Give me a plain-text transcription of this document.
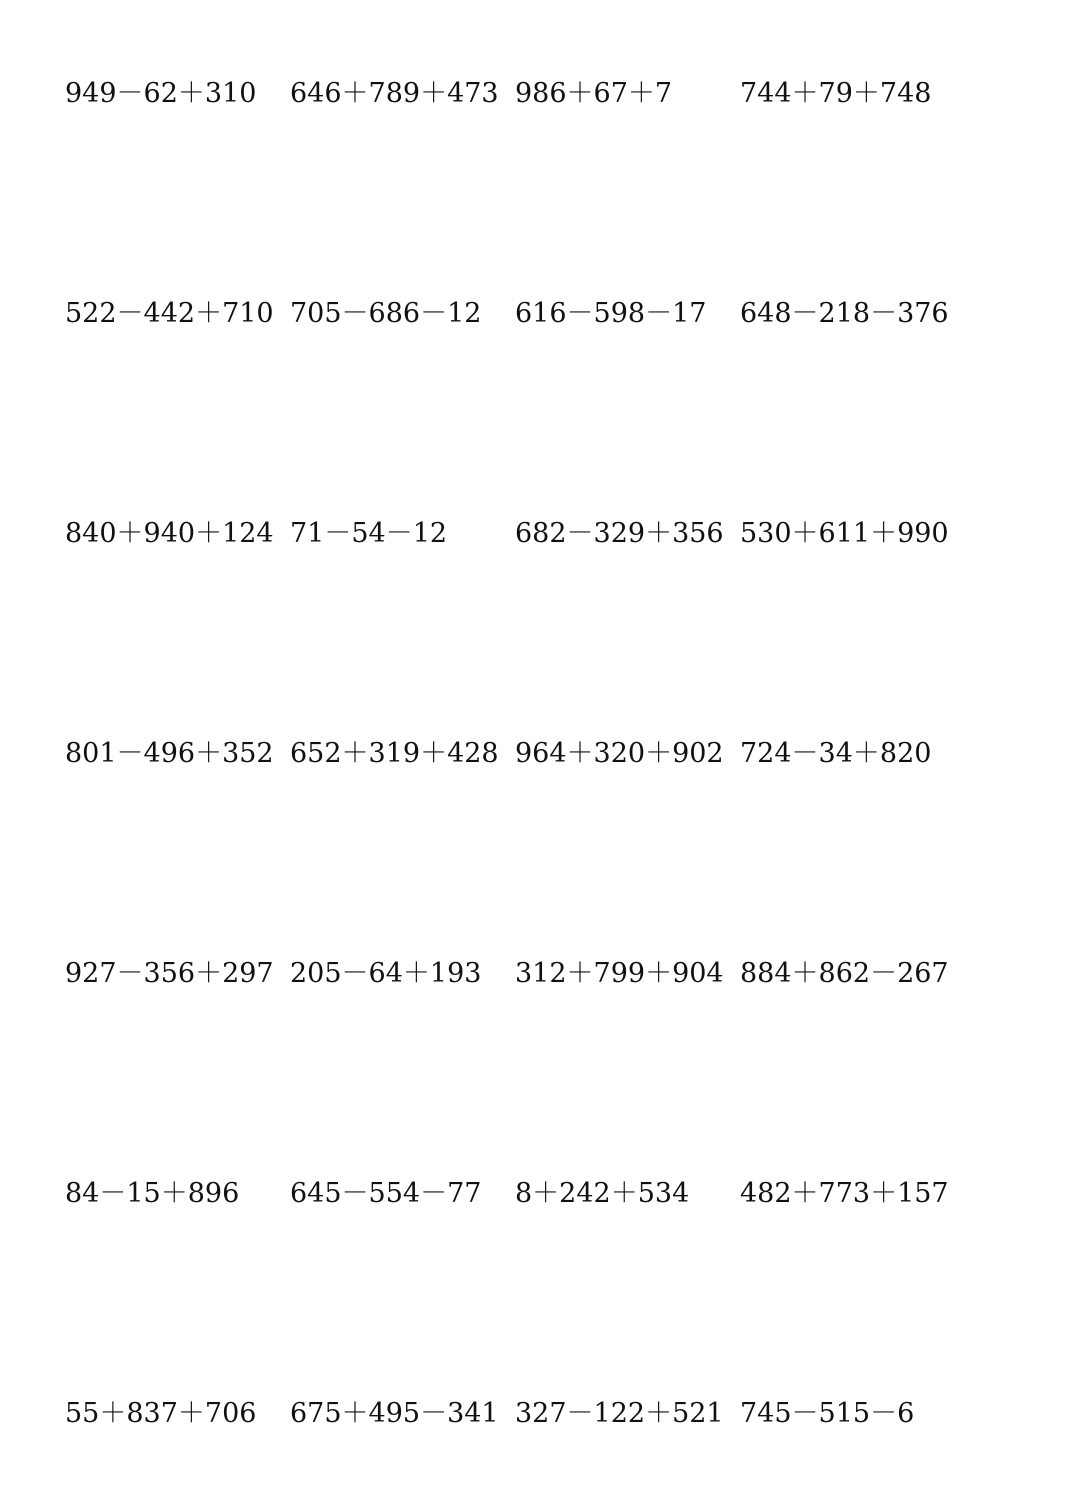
949－62＋310 646＋789＋473 986＋67＋7	744＋79＋748
522－442＋710 705－686－12 616－598－17 648－218－376
840＋940＋124 71－54－12	682－329＋356 530＋611＋990
801－496＋352 652＋319＋428 964＋320＋902 724－34＋820
927－356＋297 205－64＋193 312＋799＋904 884＋862－267
84－15＋896 645－554－77 8＋242＋534 482＋773＋157
55＋837＋706 675＋495－341 327－122＋521 745－515－6
